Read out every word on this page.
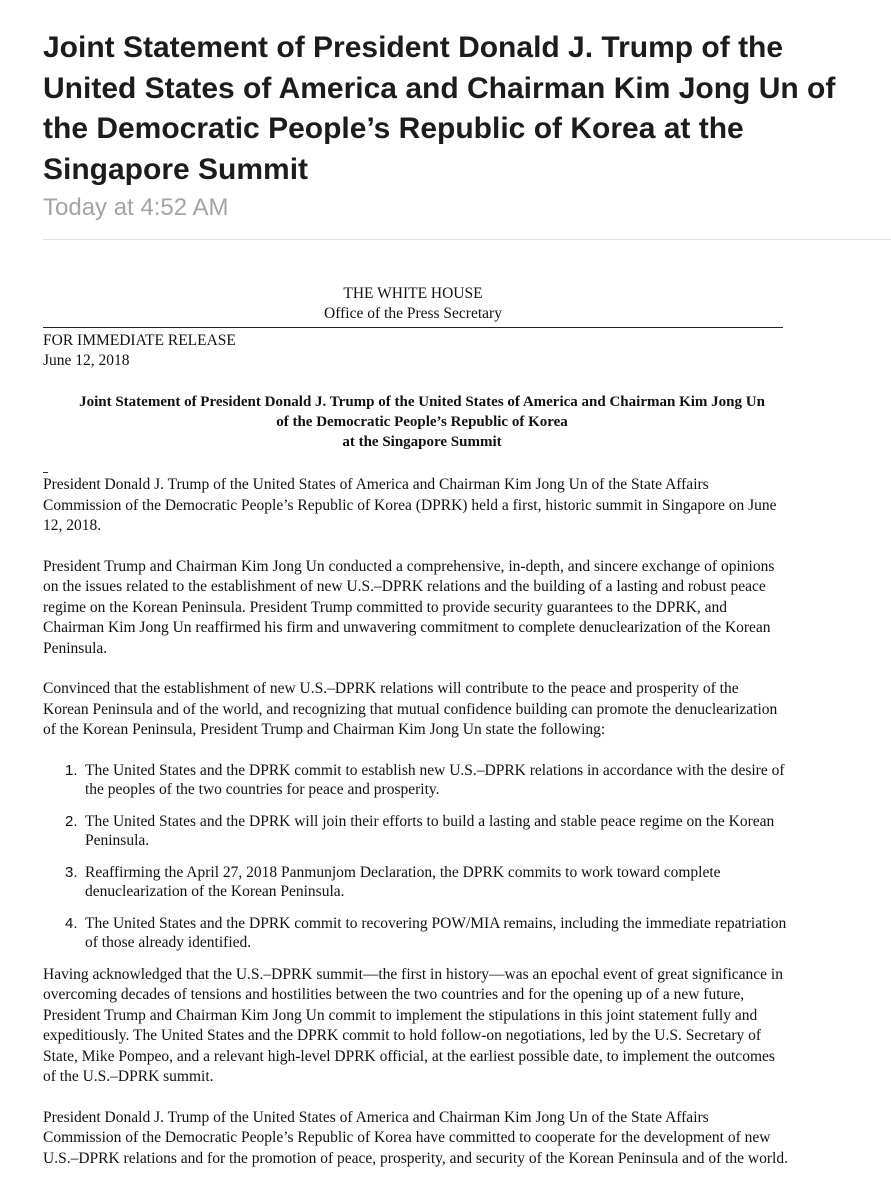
Joint Statement of President Donald J. Trump of the United States of America and Chairman Kim Jong Un of the Democratic People’s Republic of Korea at the Singapore Summit
Today at 4:52 AM
THE WHITE HOUSE
Office of the Press Secretary
FOR IMMEDIATE RELEASE
June 12, 2018
Joint Statement of President Donald J. Trump of the United States of America and Chairman Kim Jong Un
of the Democratic People’s Republic of Korea
at the Singapore Summit

President Donald J. Trump of the United States of America and Chairman Kim Jong Un of the State Affairs Commission of the Democratic People’s Republic of Korea (DPRK) held a first, historic summit in Singapore on June 12, 2018.

President Trump and Chairman Kim Jong Un conducted a comprehensive, in-depth, and sincere exchange of opinions on the issues related to the establishment of new U.S.–DPRK relations and the building of a lasting and robust peace regime on the Korean Peninsula. President Trump committed to provide security guarantees to the DPRK, and Chairman Kim Jong Un reaffirmed his firm and unwavering commitment to complete denuclearization of the Korean Peninsula.

Convinced that the establishment of new U.S.–DPRK relations will contribute to the peace and prosperity of the Korean Peninsula and of the world, and recognizing that mutual confidence building can promote the denuclearization of the Korean Peninsula, President Trump and Chairman Kim Jong Un state the following:

1. The United States and the DPRK commit to establish new U.S.–DPRK relations in accordance with the desire of the peoples of the two countries for peace and prosperity.
2. The United States and the DPRK will join their efforts to build a lasting and stable peace regime on the Korean Peninsula.
3. Reaffirming the April 27, 2018 Panmunjom Declaration, the DPRK commits to work toward complete denuclearization of the Korean Peninsula.
4. The United States and the DPRK commit to recovering POW/MIA remains, including the immediate repatriation of those already identified.

Having acknowledged that the U.S.–DPRK summit—the first in history—was an epochal event of great significance in overcoming decades of tensions and hostilities between the two countries and for the opening up of a new future, President Trump and Chairman Kim Jong Un commit to implement the stipulations in this joint statement fully and expeditiously. The United States and the DPRK commit to hold follow-on negotiations, led by the U.S. Secretary of State, Mike Pompeo, and a relevant high-level DPRK official, at the earliest possible date, to implement the outcomes of the U.S.–DPRK summit.

President Donald J. Trump of the United States of America and Chairman Kim Jong Un of the State Affairs Commission of the Democratic People’s Republic of Korea have committed to cooperate for the development of new U.S.–DPRK relations and for the promotion of peace, prosperity, and security of the Korean Peninsula and of the world.
